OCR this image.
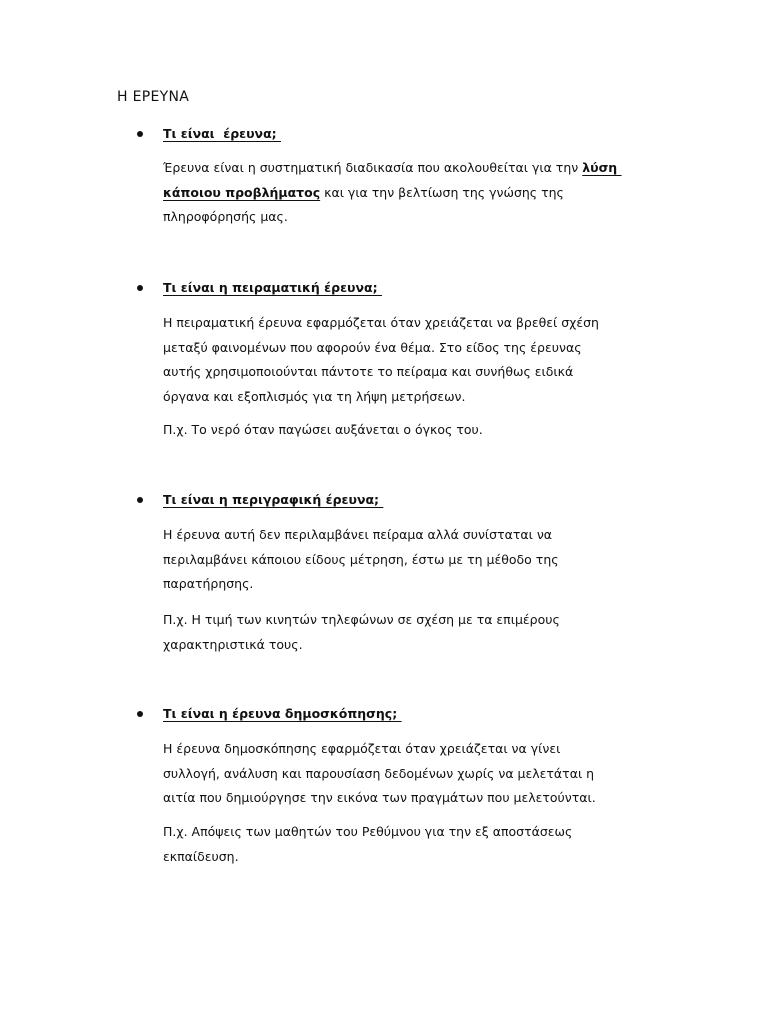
Η ΕΡΕΥΝΑ
Τι είναι  έρευνα;
Έρευνα είναι η συστηματική διαδικασία που ακολουθείται για την λύση
κάποιου προβλήματος και για την βελτίωση της γνώσης της
πληροφόρησής μας.
Τι είναι η πειραματική έρευνα;
Η πειραματική έρευνα εφαρμόζεται όταν χρειάζεται να βρεθεί σχέση
μεταξύ φαινομένων που αφορούν ένα θέμα. Στο είδος της έρευνας
αυτής χρησιμοποιούνται πάντοτε το πείραμα και συνήθως ειδικά
όργανα και εξοπλισμός για τη λήψη μετρήσεων.
Π.χ. Το νερό όταν παγώσει αυξάνεται ο όγκος του.
Τι είναι η περιγραφική έρευνα;
Η έρευνα αυτή δεν περιλαμβάνει πείραμα αλλά συνίσταται να
περιλαμβάνει κάποιου είδους μέτρηση, έστω με τη μέθοδο της
παρατήρησης.
Π.χ. Η τιμή των κινητών τηλεφώνων σε σχέση με τα επιμέρους
χαρακτηριστικά τους.
Τι είναι η έρευνα δημοσκόπησης;
Η έρευνα δημοσκόπησης εφαρμόζεται όταν χρειάζεται να γίνει
συλλογή, ανάλυση και παρουσίαση δεδομένων χωρίς να μελετάται η
αιτία που δημιούργησε την εικόνα των πραγμάτων που μελετούνται.
Π.χ. Απόψεις των μαθητών του Ρεθύμνου για την εξ αποστάσεως
εκπαίδευση.
